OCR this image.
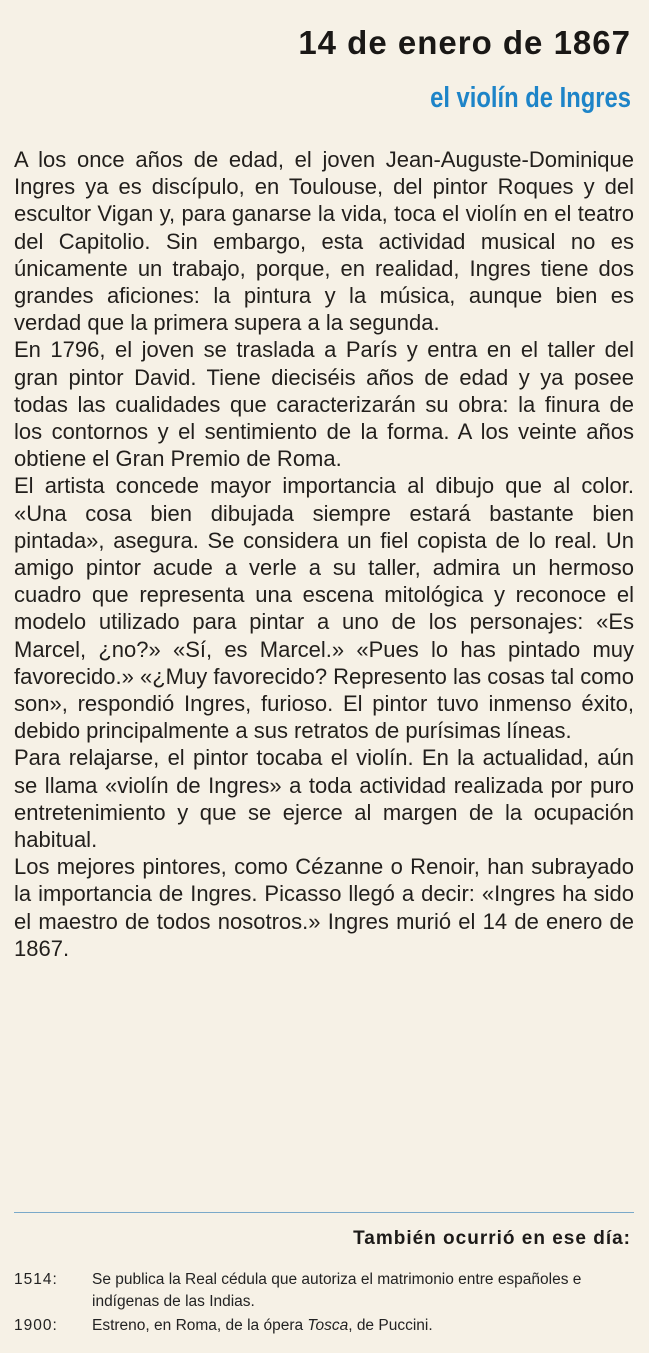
14 de enero de 1867
el violín de Ingres

A los once años de edad, el joven Jean-Auguste-Dominique Ingres ya es discípulo, en Toulouse, del pintor Roques y del escultor Vigan y, para ganarse la vida, toca el violín en el teatro del Capitolio. Sin embargo, esta actividad musical no es únicamente un trabajo, porque, en realidad, Ingres tiene dos grandes aficiones: la pintura y la música, aunque bien es verdad que la primera supera a la segunda.

En 1796, el joven se traslada a París y entra en el taller del gran pintor David. Tiene dieciséis años de edad y ya posee todas las cualidades que caracterizarán su obra: la finura de los contornos y el sentimiento de la forma. A los veinte años obtiene el Gran Premio de Roma.

El artista concede mayor importancia al dibujo que al color. «Una cosa bien dibujada siempre estará bastante bien pintada», asegura. Se considera un fiel copista de lo real. Un amigo pintor acude a verle a su taller, admira un hermoso cuadro que representa una escena mitológica y reconoce el modelo utilizado para pintar a uno de los personajes: «Es Marcel, ¿no?» «Sí, es Marcel.» «Pues lo has pintado muy favorecido.» «¿Muy favorecido? Represento las cosas tal como son», respondió Ingres, furioso. El pintor tuvo inmenso éxito, debido principalmente a sus retratos de purísimas líneas.

Para relajarse, el pintor tocaba el violín. En la actualidad, aún se llama «violín de Ingres» a toda actividad realizada por puro entretenimiento y que se ejerce al margen de la ocupación habitual.

Los mejores pintores, como Cézanne o Renoir, han subrayado la importancia de Ingres. Picasso llegó a decir: «Ingres ha sido el maestro de todos nosotros.» Ingres murió el 14 de enero de 1867.

También ocurrió en ese día:
1514:	Se publica la Real cédula que autoriza el matrimonio entre españoles e indígenas de las Indias.
1900:	Estreno, en Roma, de la ópera Tosca, de Puccini.
